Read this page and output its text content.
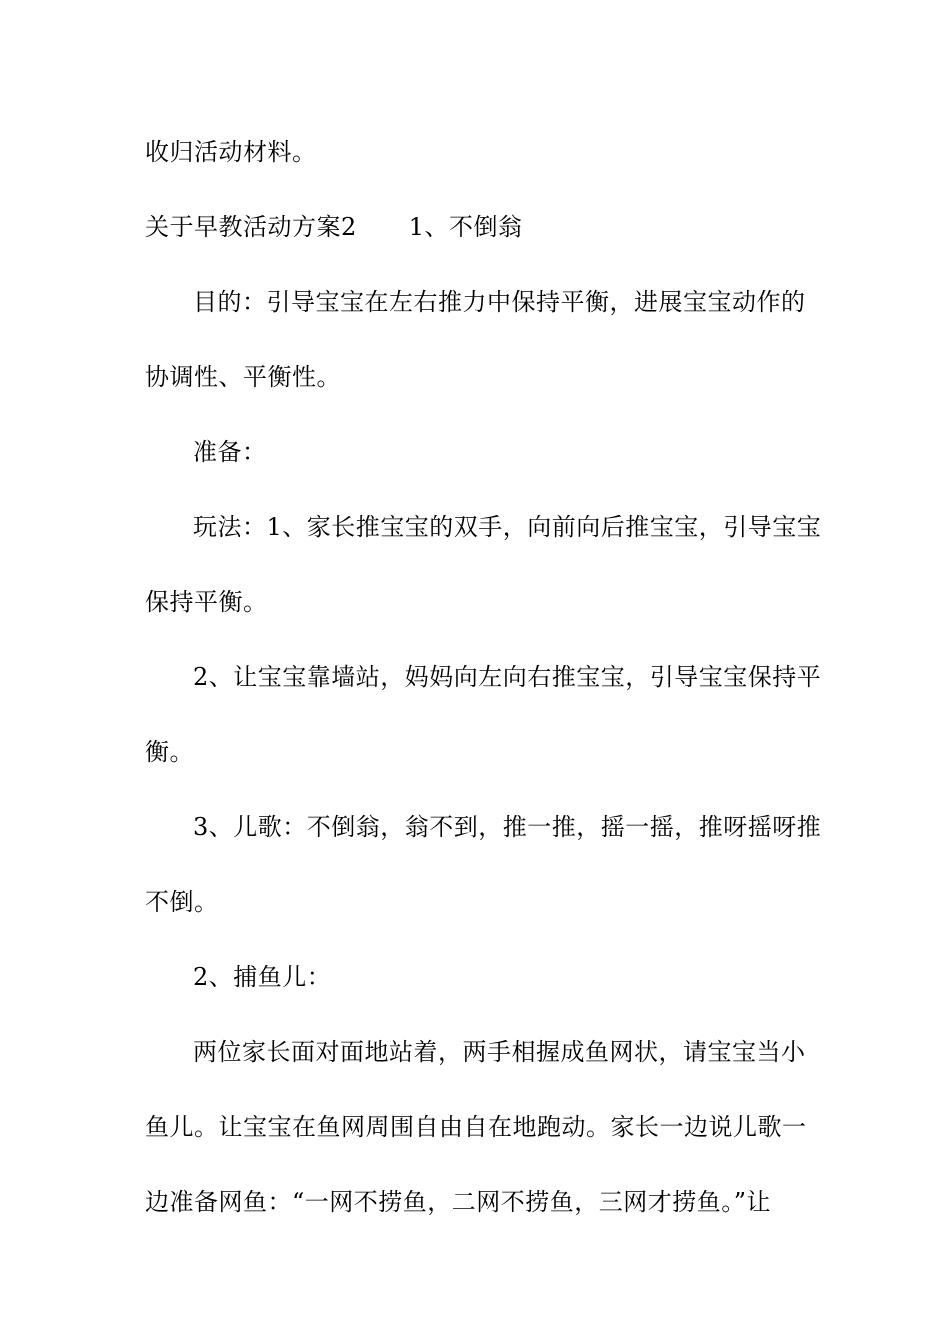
收归活动材料。
关于早教活动方案2 1、不倒翁
目的：引导宝宝在左右推力中保持平衡，进展宝宝动作的
协调性、平衡性。
准备：
玩法：1、家长推宝宝的双手，向前向后推宝宝，引导宝宝
保持平衡。
2、让宝宝靠墙站，妈妈向左向右推宝宝，引导宝宝保持平
衡。
3、儿歌：不倒翁，翁不到，推一推，摇一摇，推呀摇呀推
不倒。
2、捕鱼儿：
两位家长面对面地站着，两手相握成鱼网状，请宝宝当小
鱼儿。让宝宝在鱼网周围自由自在地跑动。家长一边说儿歌一
边准备网鱼：“一网不捞鱼，二网不捞鱼，三网才捞鱼。”让
